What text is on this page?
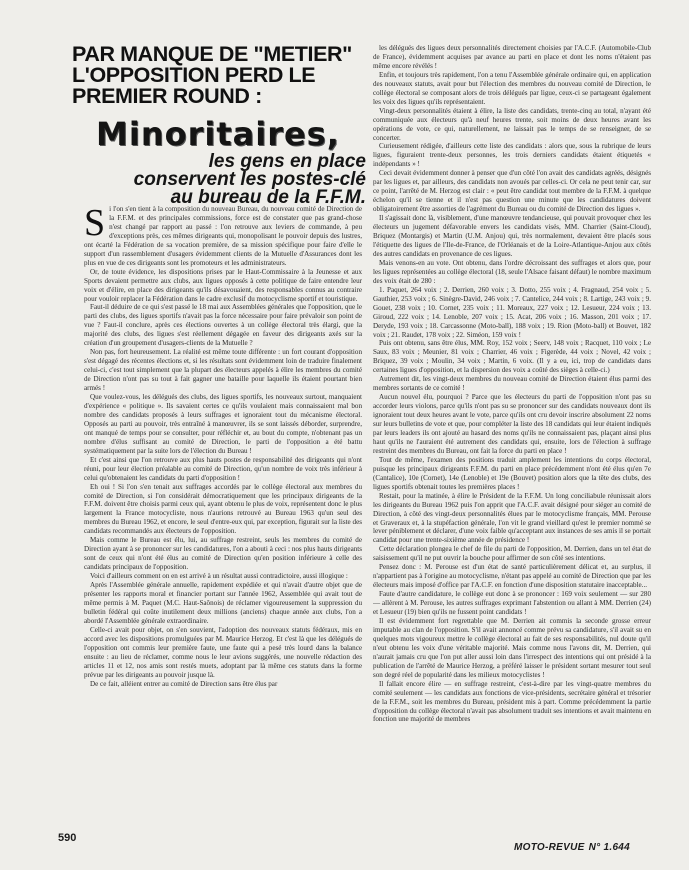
PAR MANQUE DE "METIER"
L'OPPOSITION PERD LE
PREMIER ROUND :
Minoritaires,
les gens en place
conservent les postes-clé
au bureau de la F.F.M.

Si l'on s'en tient à la composition du nouveau Bureau, du nouveau comité de Direction de la F.F.M. et des principales commissions, force est de constater que pas grand-chose n'est changé par rapport au passé : l'on retrouve aux leviers de commande, à peu d'exceptions près, ces mêmes dirigeants qui, monopolisant le pouvoir depuis des lustres, ont écarté la Fédération de sa vocation première, de sa mission spécifique pour faire d'elle le support d'un rassemblement d'usagers évidemment clients de la Mutuelle d'Assurances dont les plus en vue de ces dirigeants sont les promoteurs et les administrateurs.

Or, de toute évidence, les dispositions prises par le Haut-Commissaire à la Jeunesse et aux Sports devaient permettre aux clubs, aux ligues opposés à cette politique de faire entendre leur voix et d'élire, en place des dirigeants qu'ils désavouaient, des responsables connus au contraire pour vouloir replacer la Fédération dans le cadre exclusif du motocyclisme sportif et touristique.

Faut-il déduire de ce qui s'est passé le 18 mai aux Assemblées générales que l'opposition, que le parti des clubs, des ligues sportifs n'avait pas la force nécessaire pour faire prévaloir son point de vue ? Faut-il conclure, après ces élections ouvertes à un collège électoral très élargi, que la majorité des clubs, des ligues s'est réellement dégagée en faveur des dirigeants axés sur la création d'un groupement d'usagers-clients de la Mutuelle ?

Non pas, fort heureusement. La réalité est même toute différente : un fort courant d'opposition s'est dégagé des récentes élections et, si les résultats sont évidemment loin de traduire finalement celui-ci, c'est tout simplement que la plupart des électeurs appelés à élire les membres du comité de Direction n'ont pas su tout à fait gagner une bataille pour laquelle ils étaient pourtant bien armés !

Que voulez-vous, les délégués des clubs, des ligues sportifs, les nouveaux surtout, manquaient d'expérience « politique ». Ils savaient certes ce qu'ils voulaient mais connaissaient mal bon nombre des candidats proposés à leurs suffrages et ignoraient tout du mécanisme électoral. Opposés au parti au pouvoir, très entraîné à manœuvrer, ils se sont laissés déborder, surprendre, ont manqué de temps pour se consulter, pour réfléchir et, au bout du compte, n'obtenant pas un nombre d'élus suffisant au comité de Direction, le parti de l'opposition a été battu systématiquement par la suite lors de l'élection du Bureau !

Et c'est ainsi que l'on retrouve aux plus hauts postes de responsabilité des dirigeants qui n'ont réuni, pour leur élection préalable au comité de Direction, qu'un nombre de voix très inférieur à celui qu'obtenaient les candidats du parti d'opposition !

Eh oui ! Si l'on s'en tenait aux suffrages accordés par le collège électoral aux membres du comité de Direction, si l'on considérait démocratiquement que les principaux dirigeants de la F.F.M. doivent être choisis parmi ceux qui, ayant obtenu le plus de voix, représentent donc le plus largement la France motocycliste, nous n'aurions retrouvé au Bureau 1963 qu'un seul des membres du Bureau 1962, et encore, le seul d'entre-eux qui, par exception, figurait sur la liste des candidats recommandés aux électeurs de l'opposition.

Mais comme le Bureau est élu, lui, au suffrage restreint, seuls les membres du comité de Direction ayant à se prononcer sur les candidatures, l'on a abouti à ceci : nos plus hauts dirigeants sont de ceux qui n'ont été élus au comité de Direction qu'en position inférieure à celle des candidats principaux de l'opposition.

Voici d'ailleurs comment on en est arrivé à un résultat aussi contradictoire, aussi illogique :

Après l'Assemblée générale annuelle, rapidement expédiée et qui n'avait d'autre objet que de présenter les rapports moral et financier portant sur l'année 1962, Assemblée qui avait tout de même permis à M. Paquet (M.C. Haut-Saônois) de réclamer vigoureusement la suppression du bulletin fédéral qui coûte inutilement deux millions (anciens) chaque année aux clubs, l'on a abordé l'Assemblée générale extraordinaire.

Celle-ci avait pour objet, on s'en souvient, l'adoption des nouveaux statuts fédéraux, mis en accord avec les dispositions promulguées par M. Maurice Herzog. Et c'est là que les délégués de l'opposition ont commis leur première faute, une faute qui a pesé très lourd dans la balance ensuite : au lieu de réclamer, comme nous le leur avions suggérés, une nouvelle rédaction des articles 11 et 12, nos amis sont restés muets, adoptant par là même ces statuts dans la forme prévue par les dirigeants au pouvoir jusque là.

De ce fait, alléient entrer au comité de Direction sans être élus par

les délégués des ligues deux personnalités directement choisies par l'A.C.F. (Automobile-Club de France), évidemment acquises par avance au parti en place et dont les noms n'étaient pas même encore révélés !

Enfin, et toujours très rapidement, l'on a tenu l'Assemblée générale ordinaire qui, en application des nouveaux statuts, avait pour but l'élection des membres du nouveau comité de Direction, le collège électoral se composant alors de trois délégués par ligue, ceux-ci se partageant également les voix des ligues qu'ils représentaient.

Vingt-deux personnalités étaient à élire, la liste des candidats, trente-cinq au total, n'ayant été communiquée aux électeurs qu'à neuf heures trente, soit moins de deux heures avant les opérations de vote, ce qui, naturellement, ne laissait pas le temps de se renseigner, de se concerter.

Curieusement rédigée, d'ailleurs cette liste des candidats : alors que, sous la rubrique de leurs ligues, figuraient trente-deux personnes, les trois derniers candidats étaient étiquetés « indépendants » !

Ceci devait évidemment donner à penser que d'un côté l'on avait des candidats agréés, désignés par les ligues et, par ailleurs, des candidats non avoués par celles-ci. Or cela ne peut tenir car, sur ce point, l'arrêté de M. Herzog est clair : « peut être candidat tout membre de la F.F.M. à quelque échelon qu'il se tienne et il n'est pas question une minute que les candidatures doivent obligatoirement être assorties de l'agrément du Bureau ou du comité de Direction des ligues ».

Il s'agissait donc là, visiblement, d'une manœuvre tendancieuse, qui pouvait provoquer chez les électeurs un jugement défavorable envers les candidats visés, MM. Charrier (Saint-Cloud), Briquez (Montargis) et Martin (U.M. Anjou) qui, très normalement, devaient être placés sous l'étiquette des ligues de l'Ile-de-France, de l'Orléanais et de la Loire-Atlantique-Anjou aux côtés des autres candidats en provenance de ces ligues.

Mais venons-en au vote. Ont obtenu, dans l'ordre décroissant des suffrages et alors que, pour les ligues représentées au collège électoral (18, seule l'Alsace faisant défaut) le nombre maximum des voix était de 280 :

1. Paquet, 264 voix ; 2. Derrien, 260 voix ; 3. Dotto, 255 voix ; 4. Fragnaud, 254 voix ; 5. Gauthier, 253 voix ; 6. Sinègre-David, 246 voix ; 7. Cantelice, 244 voix ; 8. Lartige, 243 voix ; 9. Gouet, 238 voix ; 10. Cornet, 235 voix ; 11. Moreaux, 227 voix ; 12. Lesueur, 224 voix ; 13. Giroud, 222 voix ; 14. Lenoble, 207 voix ; 15. Acat, 206 voix ; 16. Masson, 201 voix ; 17. Deryde, 193 voix ; 18. Carcassonne (Moto-ball), 188 voix ; 19. Rion (Moto-ball) et Bouvet, 182 voix ; 21. Raudet, 178 voix ; 22. Siméon, 159 voix !

Puis ont obtenu, sans être élus, MM. Roy, 152 voix ; Seerv, 148 voix ; Racquet, 110 voix ; Le Saux, 83 voix ; Meunier, 81 voix ; Charrier, 46 voix ; Figerède, 44 voix ; Novel, 42 voix ; Briquez, 39 voix ; Moulin, 34 voix ; Martin, 6 voix. (Il y a eu, ici, trop de candidats dans certaines ligues d'opposition, et la dispersion des voix a coûté des sièges à celle-ci.)

Autrement dit, les vingt-deux membres du nouveau comité de Direction étaient élus parmi des membres sortants de ce comité !

Aucun nouvel élu, pourquoi ? Parce que les électeurs du parti de l'opposition n'ont pas su accorder leurs violons, parce qu'ils n'ont pas su se prononcer sur des candidats nouveaux dont ils ignoraient tout deux heures avant le vote, parce qu'ils ont cru devoir inscrire absolument 22 noms sur leurs bulletins de vote et que, pour compléter la liste des 18 candidats qui leur étaient indiqués par leurs leaders ils ont ajouté au hasard des noms qu'ils ne connaissaient pas, plaçant ainsi plus haut qu'ils ne l'auraient été autrement des candidats qui, ensuite, lors de l'élection à suffrage restreint des membres du Bureau, ont fait la force du parti en place !

Tout de même, l'examen des positions traduit amplement les intentions du corps électoral, puisque les principaux dirigeants F.F.M. du parti en place précédemment n'ont été élus qu'en 7e (Cantalice), 10e (Cornet), 14e (Lenoble) et 19e (Bouvet) position alors que la tête des clubs, des ligues sportifs obtenait toutes les premières places !

Restait, pour la matinée, à élire le Président de la F.F.M. Un long conciliabule réunissait alors les dirigeants du Bureau 1962 puis l'on apprit que l'A.C.F. avait désigné pour siéger au comité de Direction, à côté des vingt-deux personnalités élues par le motocyclisme français, MM. Perouse et Graveraux et, à la stupéfaction générale, l'on vit le grand vieillard qu'est le premier nommé se lever péniblement et déclarer, d'une voix faible qu'acceptant aux instances de ses amis il se portait candidat pour une trente-sixième année de présidence !

Cette déclaration plongea le chef de file du parti de l'opposition, M. Derrien, dans un tel état de saisissement qu'il ne put ouvrir la bouche pour affirmer de son côté ses intentions.

Pensez donc : M. Perouse est d'un état de santé particulièrement délicat et, au surplus, il n'appartient pas à l'origine au motocyclisme, n'étant pas appelé au comité de Direction que par les électeurs mais imposé d'office par l'A.C.F. en fonction d'une disposition statutaire inacceptable...

Faute d'autre candidature, le collège eut donc à se prononcer : 169 voix seulement — sur 280 — allèrent à M. Perouse, les autres suffrages exprimant l'abstention ou allant à MM. Derrien (24) et Lesueur (19) bien qu'ils ne fussent point candidats !

Il est évidemment fort regrettable que M. Derrien ait commis la seconde grosse erreur imputable au clan de l'opposition. S'il avait annoncé comme prévu sa candidature, s'il avait su en quelques mots vigoureux mettre le collège électoral au fait de ses responsabilités, nul doute qu'il n'eut obtenu les voix d'une véritable majorité. Mais comme nous l'avons dit, M. Derrien, qui n'aurait jamais cru que l'on put aller aussi loin dans l'irrespect des intentions qui ont présidé à la publication de l'arrêté de Maurice Herzog, a préféré laisser le président sortant mesurer tout seul son degré réel de popularité dans les milieux motocyclistes !

Il fallait encore élire — en suffrage restreint, c'est-à-dire par les vingt-quatre membres du comité seulement — les candidats aux fonctions de vice-présidents, secrétaire général et trésorier de la F.F.M., soit les membres du Bureau, président mis à part. Comme précédemment la partie d'opposition du collège électoral n'avait pas absolument traduit ses intentions et avait maintenu en fonction une majorité de membres

590
MOTO-REVUE N° 1.644
